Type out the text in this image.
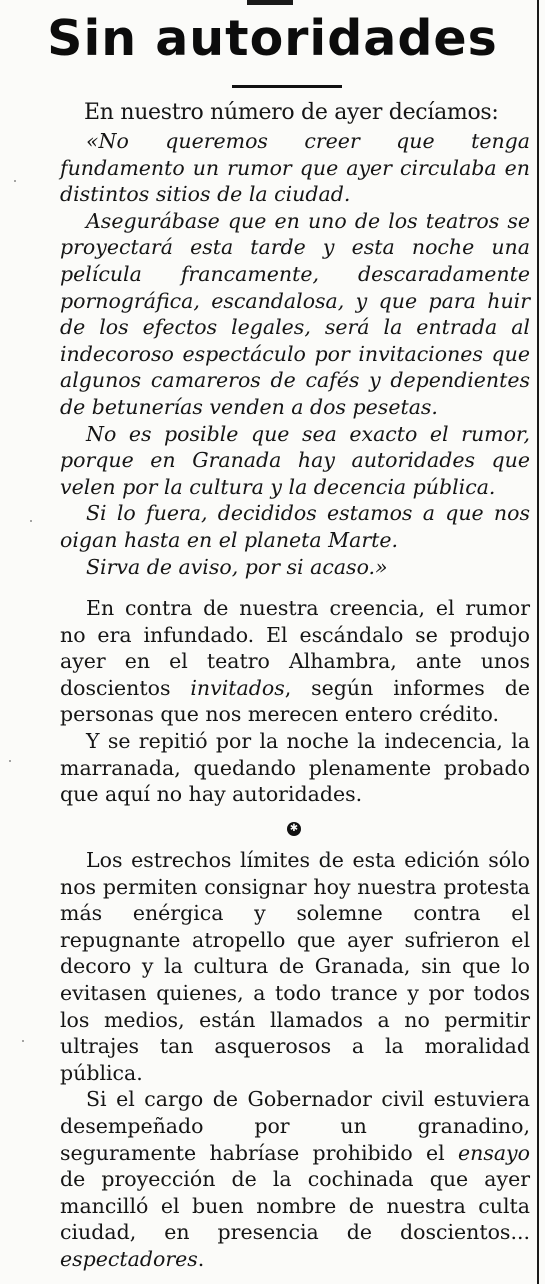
Sin autoridades

En nuestro número de ayer decíamos:

«No queremos creer que tenga fundamento un rumor que ayer circulaba en distintos sitios de la ciudad.

Asegurábase que en uno de los teatros se proyectará esta tarde y esta noche una película francamente, descaradamente pornográfica, escandalosa, y que para huir de los efectos legales, será la entrada al indecoroso espectáculo por invitaciones que algunos camareros de cafés y dependientes de betunerías venden a dos pesetas.

No es posible que sea exacto el rumor, porque en Granada hay autoridades que velen por la cultura y la decencia pública.

Si lo fuera, decididos estamos a que nos oigan hasta en el planeta Marte.

Sirva de aviso, por si acaso.»

En contra de nuestra creencia, el rumor no era infundado. El escándalo se produjo ayer en el teatro Alhambra, ante unos doscientos invitados, según informes de personas que nos merecen entero crédito.

Y se repitió por la noche la indecencia, la marranada, quedando plenamente probado que aquí no hay autoridades.

✱

Los estrechos límites de esta edición sólo nos permiten consignar hoy nuestra protesta más enérgica y solemne contra el repugnante atropello que ayer sufrieron el decoro y la cultura de Granada, sin que lo evitasen quienes, a todo trance y por todos los medios, están llamados a no permitir ultrajes tan asquerosos a la moralidad pública.

Si el cargo de Gobernador civil estuviera desempeñado por un granadino, seguramente habríase prohibido el ensayo de proyección de la cochinada que ayer mancilló el buen nombre de nuestra culta ciudad, en presencia de doscientos... espectadores.
